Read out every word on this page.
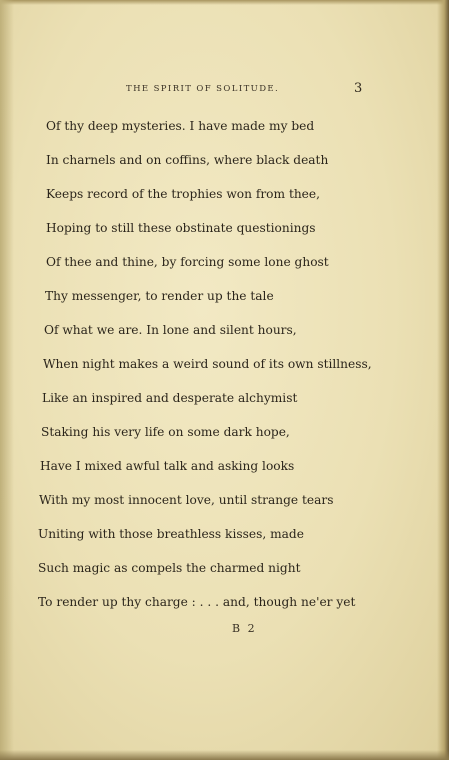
THE SPIRIT OF SOLITUDE.	3
Of thy deep mysteries. I have made my bed
In charnels and on coffins, where black death
Keeps record of the trophies won from thee,
Hoping to still these obstinate questionings
Of thee and thine, by forcing some lone ghost
Thy messenger, to render up the tale
Of what we are. In lone and silent hours,
When night makes a weird sound of its own stillness,
Like an inspired and desperate alchymist
Staking his very life on some dark hope,
Have I mixed awful talk and asking looks
With my most innocent love, until strange tears
Uniting with those breathless kisses, made
Such magic as compels the charmed night
To render up thy charge : . . . and, though ne'er yet
B 2
